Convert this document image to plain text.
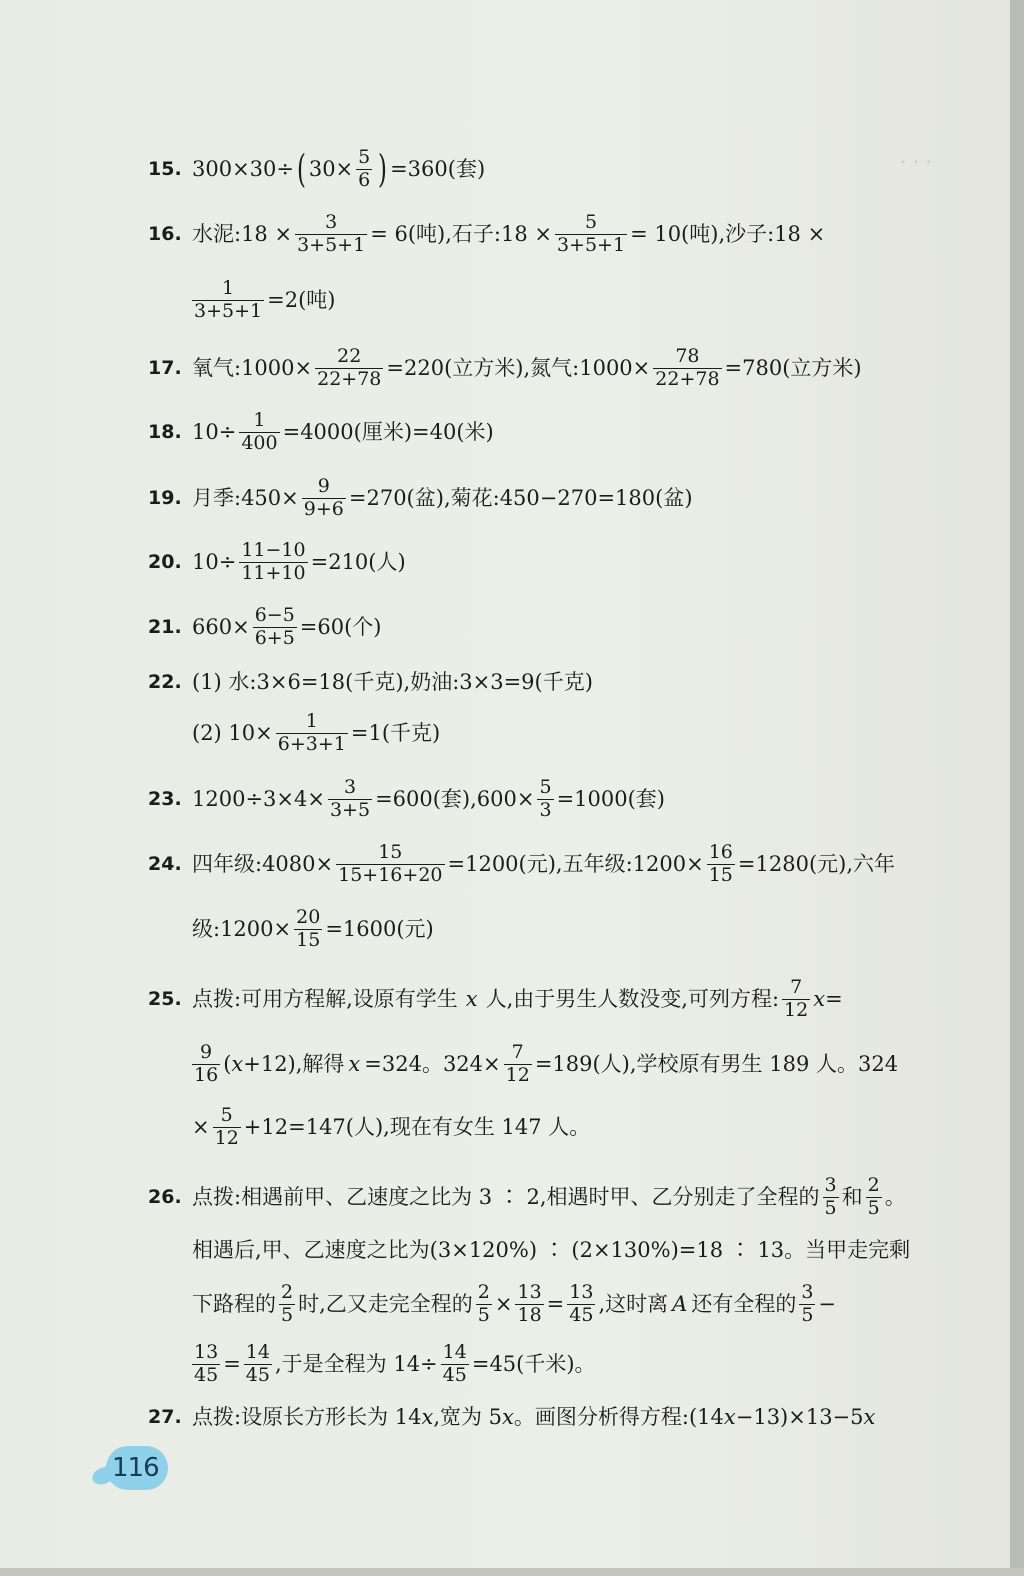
· · ·
15. 300×30÷ ( $30\times \frac{5}{6}$ ) =360(套)
16. 水泥:18 × $\frac{3}{3+5+1} = 6$(吨),石子:18 × $\frac{5}{3+5+1} = 10$(吨),沙子:18 ×
$\frac{1}{3+5+1} =2$(吨)
17. 氧气:1000× $\frac{22}{22+78} =220$(立方米),氮气:1000× $\frac{78}{22+78} =780$(立方米)
18. $10\div \frac{1}{400} =4000$(厘米)=40(米)
19. 月季:450× $\frac{9}{9+6} =270$(盆),菊花:450−270=180(盆)
20. $10\div \frac{11-10}{11+10} =210$(人)
21. $660\times \frac{6-5}{6+5} =60$(个)
22. (1) 水:3×6=18(千克),奶油:3×3=9(千克)
(2) $10\times \frac{1}{6+3+1} =1$(千克)
23. $1200\div 3\times 4\times \frac{3}{3+5} =600$(套)$,600\times \frac{5}{3} =1000$(套)
24. 四年级:4080× $\frac{15}{15+16+20} =1200$(元),五年级:1200× $\frac{16}{15} =1280$(元),六年
级:1200× $\frac{20}{15} =1600$(元)
25. 点拨:可用方程解,设原有学生 x 人,由于男生人数没变,可列方程: $\frac{7}{12}$ x =
$\frac{9}{16}$ ( x +12),解得 x =324。$324\times \frac{7}{12} =189$(人),学校原有男生 189 人。324
× $\frac{5}{12} +12=147$(人),现在有女生 147 人。
26. 点拨:相遇前甲、乙速度之比为 3 ∶ 2,相遇时甲、乙分别走了全程的 $\frac{3}{5}$ 和 $\frac{2}{5}$ 。
相遇后,甲、乙速度之比为(3×120%) ∶ (2×130%)=18 ∶ 13。当甲走完剩
下路程的 $\frac{2}{5}$ 时,乙又走完全程的 $\frac{2}{5} \times \frac{13}{18} = \frac{13}{45}$ ,这时离 A 还有全程的 $\frac{3}{5}$ −
$\frac{13}{45} = \frac{14}{45}$ ,于是全程为 $14\div \frac{14}{45} =45$(千米)。
27. 点拨:设原长方形长为 14 x ,宽为 5 x 。画图分析得方程:(14 x −13)×13−5 x
116
